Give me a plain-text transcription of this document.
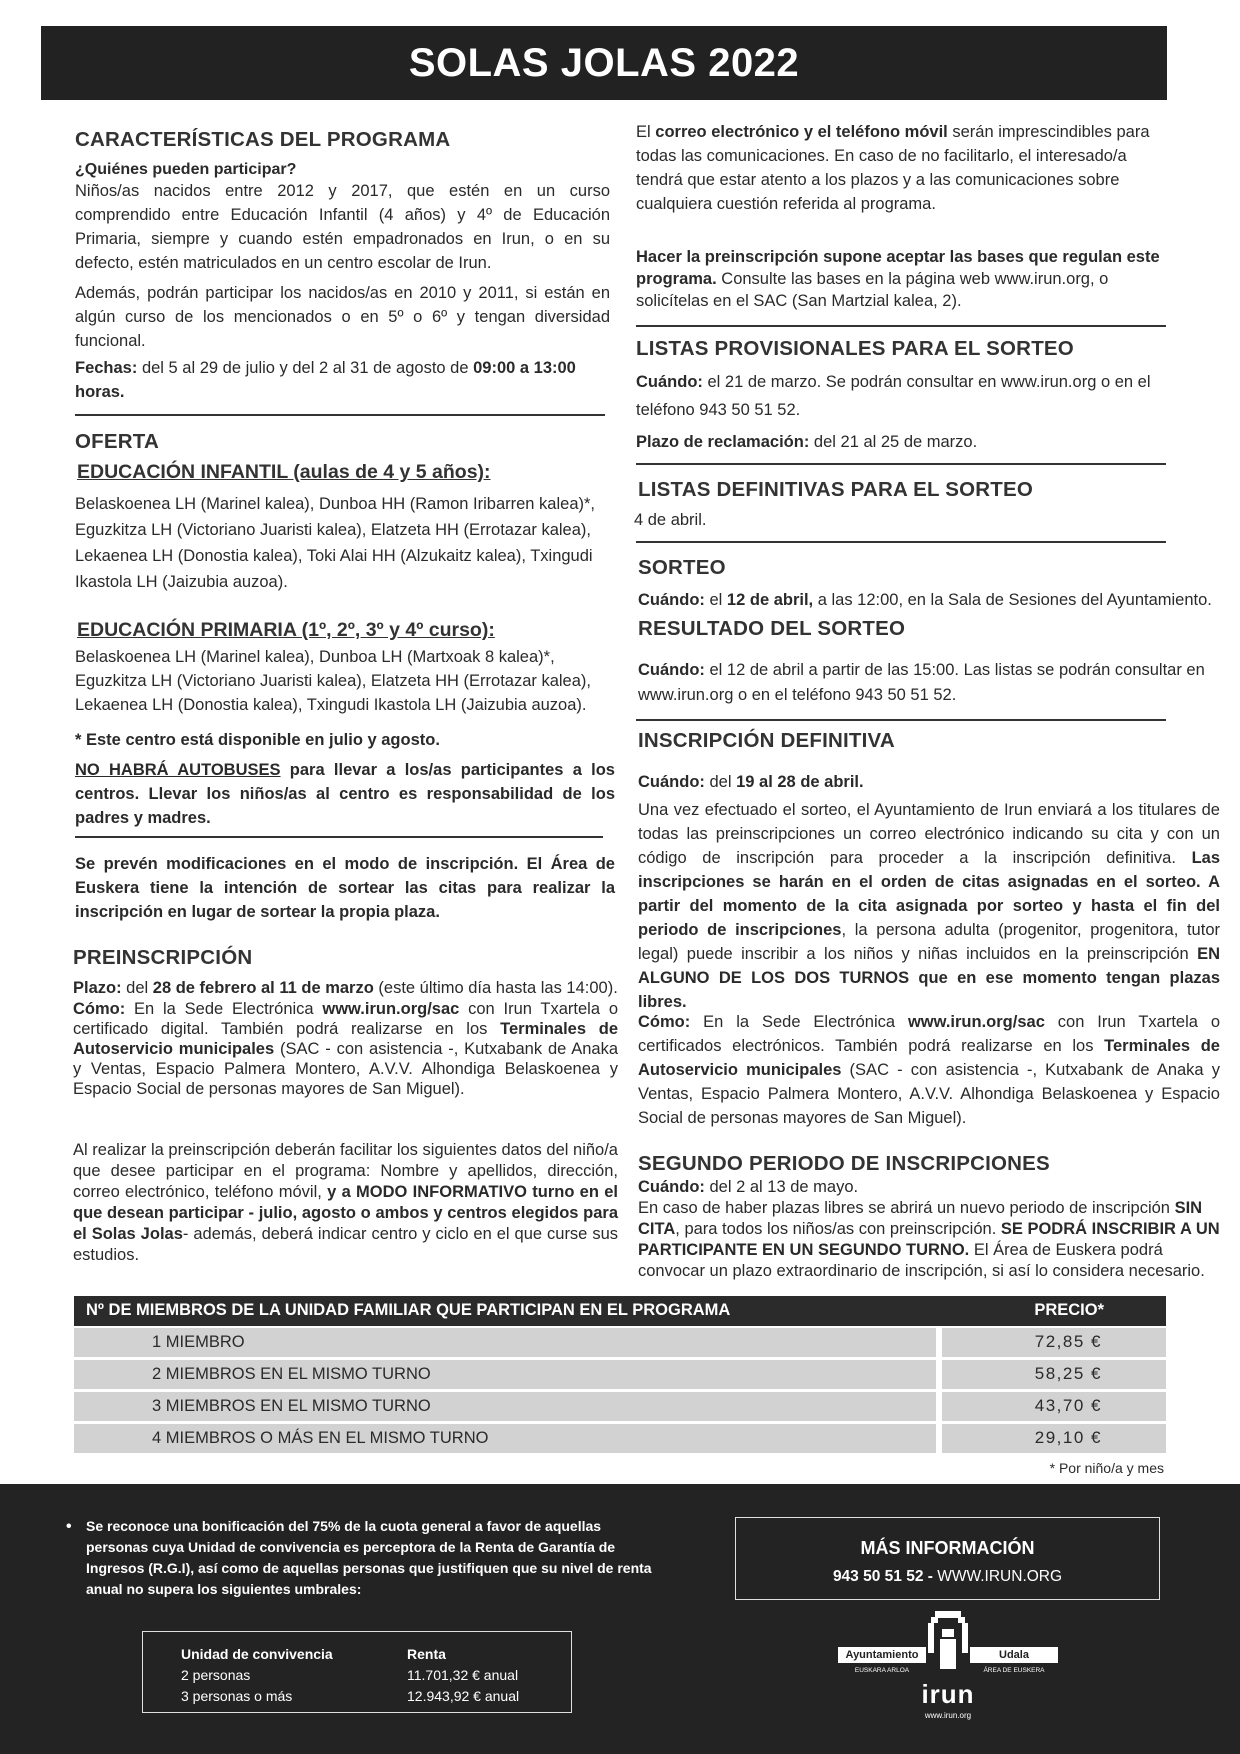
SOLAS JOLAS 2022
CARACTERÍSTICAS DEL PROGRAMA
¿Quiénes pueden participar?
Niños/as nacidos entre 2012 y 2017, que estén en un curso comprendido entre Educación Infantil (4 años) y 4º de Educación Primaria, siempre y cuando estén empadronados en Irun, o en su defecto, estén matriculados en un centro escolar de Irun.
Además, podrán participar los nacidos/as en 2010 y 2011, si están en algún curso de los mencionados o en 5º o 6º y tengan diversidad funcional.
Fechas: del 5 al 29 de julio y del 2 al 31 de agosto de 09:00 a 13:00 horas.
OFERTA
EDUCACIÓN INFANTIL (aulas de 4 y 5 años):
Belaskoenea LH (Marinel kalea), Dunboa HH (Ramon Iribarren kalea)*, Eguzkitza LH (Victoriano Juaristi kalea), Elatzeta HH (Errotazar kalea), Lekaenea LH (Donostia kalea), Toki Alai HH (Alzukaitz kalea), Txingudi Ikastola LH (Jaizubia auzoa).
EDUCACIÓN PRIMARIA (1º, 2º, 3º y 4º curso):
Belaskoenea LH (Marinel kalea), Dunboa LH (Martxoak 8 kalea)*, Eguzkitza LH (Victoriano Juaristi kalea), Elatzeta HH (Errotazar kalea), Lekaenea LH (Donostia kalea), Txingudi Ikastola LH (Jaizubia auzoa).
* Este centro está disponible en julio y agosto.
NO HABRÁ AUTOBUSES para llevar a los/as participantes a los centros. Llevar los niños/as al centro es responsabilidad de los padres y madres.
Se prevén modificaciones en el modo de inscripción. El Área de Euskera tiene la intención de sortear las citas para realizar la inscripción en lugar de sortear la propia plaza.
PREINSCRIPCIÓN
Plazo: del 28 de febrero al 11 de marzo (este último día hasta las 14:00).
Cómo: En la Sede Electrónica www.irun.org/sac con Irun Txartela o certificado digital. También podrá realizarse en los Terminales de Autoservicio municipales (SAC - con asistencia -, Kutxabank de Anaka y Ventas, Espacio Palmera Montero, A.V.V. Alhondiga Belaskoenea y Espacio Social de personas mayores de San Miguel).
Al realizar la preinscripción deberán facilitar los siguientes datos del niño/a que desee participar en el programa: Nombre y apellidos, dirección, correo electrónico, teléfono móvil, y a MODO INFORMATIVO turno en el que desean participar - julio, agosto o ambos y centros elegidos para el Solas Jolas- además, deberá indicar centro y ciclo en el que curse sus estudios.
El correo electrónico y el teléfono móvil serán imprescindibles para todas las comunicaciones. En caso de no facilitarlo, el interesado/a tendrá que estar atento a los plazos y a las comunicaciones sobre cualquiera cuestión referida al programa.
Hacer la preinscripción supone aceptar las bases que regulan este programa. Consulte las bases en la página web www.irun.org, o solicítelas en el SAC (San Martzial kalea, 2).
LISTAS PROVISIONALES PARA EL SORTEO
Cuándo: el 21 de marzo. Se podrán consultar en www.irun.org o en el teléfono 943 50 51 52.
Plazo de reclamación: del 21 al 25 de marzo.
LISTAS DEFINITIVAS PARA EL SORTEO
4 de abril.
SORTEO
Cuándo: el 12 de abril, a las 12:00, en la Sala de Sesiones del Ayuntamiento.
RESULTADO DEL SORTEO
Cuándo: el 12 de abril a partir de las 15:00. Las listas se podrán consultar en www.irun.org o en el teléfono 943 50 51 52.
INSCRIPCIÓN DEFINITIVA
Cuándo: del 19 al 28 de abril.
Una vez efectuado el sorteo, el Ayuntamiento de Irun enviará a los titulares de todas las preinscripciones un correo electrónico indicando su cita y con un código de inscripción para proceder a la inscripción definitiva. Las inscripciones se harán en el orden de citas asignadas en el sorteo. A partir del momento de la cita asignada por sorteo y hasta el fin del periodo de inscripciones, la persona adulta (progenitor, progenitora, tutor legal) puede inscribir a los niños y niñas incluidos en la preinscripción EN ALGUNO DE LOS DOS TURNOS que en ese momento tengan plazas libres.
Cómo: En la Sede Electrónica www.irun.org/sac con Irun Txartela o certificados electrónicos. También podrá realizarse en los Terminales de Autoservicio municipales (SAC - con asistencia -, Kutxabank de Anaka y Ventas, Espacio Palmera Montero, A.V.V. Alhondiga Belaskoenea y Espacio Social de personas mayores de San Miguel).
SEGUNDO PERIODO DE INSCRIPCIONES
Cuándo: del 2 al 13 de mayo.
En caso de haber plazas libres se abrirá un nuevo periodo de inscripción SIN CITA, para todos los niños/as con preinscripción. SE PODRÁ INSCRIBIR A UN PARTICIPANTE EN UN SEGUNDO TURNO. El Área de Euskera podrá convocar un plazo extraordinario de inscripción, si así lo considera necesario.
Nº DE MIEMBROS DE LA UNIDAD FAMILIAR QUE PARTICIPAN EN EL PROGRAMA	PRECIO*
1 MIEMBRO	72,85 €
2 MIEMBROS EN EL MISMO TURNO	58,25 €
3 MIEMBROS EN EL MISMO TURNO	43,70 €
4 MIEMBROS O MÁS EN EL MISMO TURNO	29,10 €
* Por niño/a y mes
• Se reconoce una bonificación del 75% de la cuota general a favor de aquellas personas cuya Unidad de convivencia es perceptora de la Renta de Garantía de Ingresos (R.G.I), así como de aquellas personas que justifiquen que su nivel de renta anual no supera los siguientes umbrales:
Unidad de convivencia	Renta
2 personas	11.701,32 € anual
3 personas o más	12.943,92 € anual
MÁS INFORMACIÓN
943 50 51 52 - WWW.IRUN.ORG
Ayuntamiento	Udala
EUSKARA ARLOA	ÁREA DE EUSKERA
irun
www.irun.org
